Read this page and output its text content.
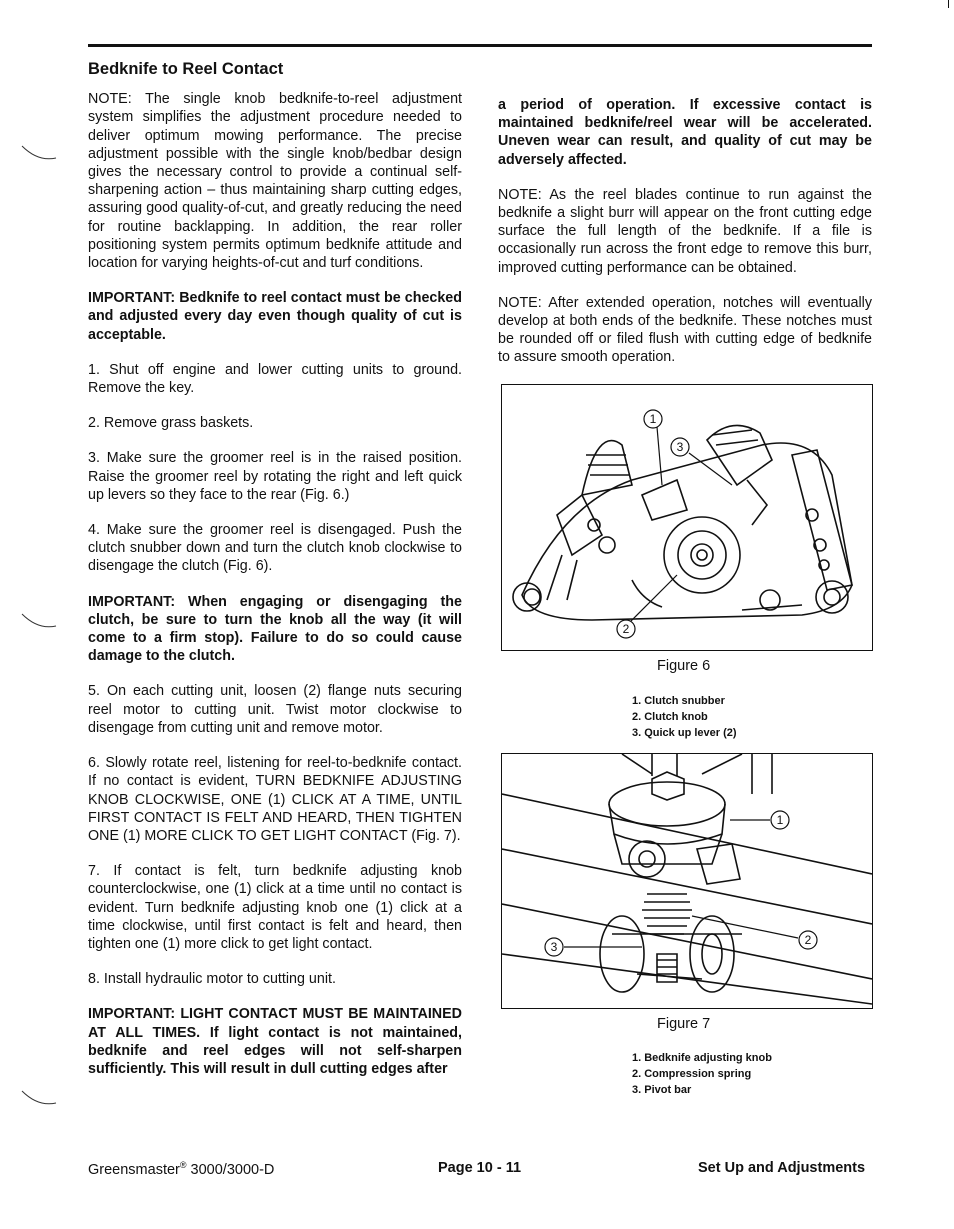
Bedknife to Reel Contact

NOTE: The single knob bedknife-to-reel adjustment system simplifies the adjustment procedure needed to deliver optimum mowing performance. The precise adjustment possible with the single knob/bedbar design gives the necessary control to provide a continual self-sharpening action – thus maintaining sharp cutting edges, assuring good quality-of-cut, and greatly reducing the need for routine backlapping. In addition, the rear roller positioning system permits optimum bedknife attitude and location for varying heights-of-cut and turf conditions.

IMPORTANT: Bedknife to reel contact must be checked and adjusted every day even though quality of cut is acceptable.

1. Shut off engine and lower cutting units to ground. Remove the key.

2. Remove grass baskets.

3. Make sure the groomer reel is in the raised position. Raise the groomer reel by rotating the right and left quick up levers so they face to the rear (Fig. 6.)

4. Make sure the groomer reel is disengaged. Push the clutch snubber down and turn the clutch knob clockwise to disengage the clutch (Fig. 6).

IMPORTANT: When engaging or disengaging the clutch, be sure to turn the knob all the way (it will come to a firm stop). Failure to do so could cause damage to the clutch.

5. On each cutting unit, loosen (2) flange nuts securing reel motor to cutting unit. Twist motor clockwise to disengage from cutting unit and remove motor.

6. Slowly rotate reel, listening for reel-to-bedknife contact. If no contact is evident, TURN BEDKNIFE ADJUSTING KNOB CLOCKWISE, ONE (1) CLICK AT A TIME, UNTIL FIRST CONTACT IS FELT AND HEARD, THEN TIGHTEN ONE (1) MORE CLICK TO GET LIGHT CONTACT (Fig. 7).

7. If contact is felt, turn bedknife adjusting knob counterclockwise, one (1) click at a time until no contact is evident. Turn bedknife adjusting knob one (1) click at a time clockwise, until first contact is felt and heard, then tighten one (1) more click to get light contact.

8. Install hydraulic motor to cutting unit.

IMPORTANT: LIGHT CONTACT MUST BE MAINTAINED AT ALL TIMES. If light contact is not maintained, bedknife and reel edges will not self-sharpen sufficiently. This will result in dull cutting edges after

a period of operation. If excessive contact is maintained bedknife/reel wear will be accelerated. Uneven wear can result, and quality of cut may be adversely affected.

NOTE: As the reel blades continue to run against the bedknife a slight burr will appear on the front cutting edge surface the full length of the bedknife. If a file is occasionally run across the front edge to remove this burr, improved cutting performance can be obtained.

NOTE: After extended operation, notches will eventually develop at both ends of the bedknife. These notches must be rounded off or filed flush with cutting edge of bedknife to assure smooth operation.

1
3
2
Figure 6
1. Clutch snubber
2. Clutch knob
3. Quick up lever (2)
1
2
3
Figure 7
1. Bedknife adjusting knob
2. Compression spring
3. Pivot bar
Greensmaster® 3000/3000-D	Page 10 - 11	Set Up and Adjustments
